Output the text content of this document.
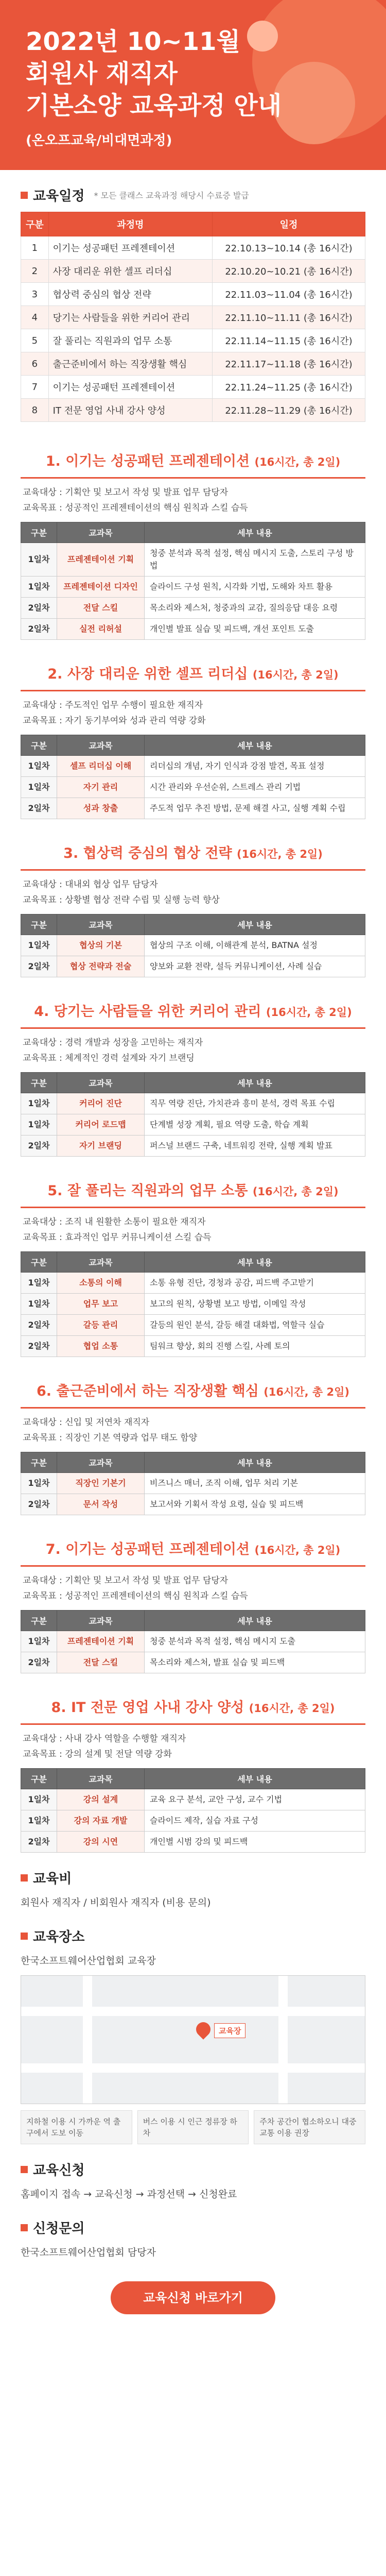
2022년 10~11월
회원사 재직자
기본소양 교육과정 안내
(온오프교육/비대면과정)
교육일정 * 모든 클래스 교육과정 해당시 수료증 발급
구분	과정명	일정
1	이기는 성공패턴 프레젠테이션	22.10.13~10.14 (총 16시간)
2	사장 대리운 위한 셀프 리더십	22.10.20~10.21 (총 16시간)
3	협상력 중심의 협상 전략	22.11.03~11.04 (총 16시간)
4	당기는 사람들을 위한 커리어 관리	22.11.10~11.11 (총 16시간)
5	잘 풀리는 직원과의 업무 소통	22.11.14~11.15 (총 16시간)
6	출근준비에서 하는 직장생활 핵심	22.11.17~11.18 (총 16시간)
7	이기는 성공패턴 프레젠테이션	22.11.24~11.25 (총 16시간)
8	IT 전문 영업 사내 강사 양성	22.11.28~11.29 (총 16시간)
1. 이기는 성공패턴 프레젠테이션 (16시간, 총 2일)
교육대상 : 기획안 및 보고서 작성 및 발표 업무 담당자
교육목표 : 성공적인 프레젠테이션의 핵심 원칙과 스킬 습득
구분	교과목	세부 내용
1일차	프레젠테이션 기획	청중 분석과 목적 설정, 핵심 메시지 도출, 스토리 구성 방법
1일차	프레젠테이션 디자인	슬라이드 구성 원칙, 시각화 기법, 도해와 차트 활용
2일차	전달 스킬	목소리와 제스처, 청중과의 교감, 질의응답 대응 요령
2일차	실전 리허설	개인별 발표 실습 및 피드백, 개선 포인트 도출
2. 사장 대리운 위한 셀프 리더십 (16시간, 총 2일)
교육대상 : 주도적인 업무 수행이 필요한 재직자
교육목표 : 자기 동기부여와 성과 관리 역량 강화
구분	교과목	세부 내용
1일차	셀프 리더십 이해	리더십의 개념, 자기 인식과 강점 발견, 목표 설정
1일차	자기 관리	시간 관리와 우선순위, 스트레스 관리 기법
2일차	성과 창출	주도적 업무 추진 방법, 문제 해결 사고, 실행 계획 수립
3. 협상력 중심의 협상 전략 (16시간, 총 2일)
교육대상 : 대내외 협상 업무 담당자
교육목표 : 상황별 협상 전략 수립 및 실행 능력 향상
구분	교과목	세부 내용
1일차	협상의 기본	협상의 구조 이해, 이해관계 분석, BATNA 설정
2일차	협상 전략과 전술	양보와 교환 전략, 설득 커뮤니케이션, 사례 실습
4. 당기는 사람들을 위한 커리어 관리 (16시간, 총 2일)
교육대상 : 경력 개발과 성장을 고민하는 재직자
교육목표 : 체계적인 경력 설계와 자기 브랜딩
구분	교과목	세부 내용
1일차	커리어 진단	직무 역량 진단, 가치관과 흥미 분석, 경력 목표 수립
1일차	커리어 로드맵	단계별 성장 계획, 필요 역량 도출, 학습 계획
2일차	자기 브랜딩	퍼스널 브랜드 구축, 네트워킹 전략, 실행 계획 발표
5. 잘 풀리는 직원과의 업무 소통 (16시간, 총 2일)
교육대상 : 조직 내 원활한 소통이 필요한 재직자
교육목표 : 효과적인 업무 커뮤니케이션 스킬 습득
구분	교과목	세부 내용
1일차	소통의 이해	소통 유형 진단, 경청과 공감, 피드백 주고받기
1일차	업무 보고	보고의 원칙, 상황별 보고 방법, 이메일 작성
2일차	갈등 관리	갈등의 원인 분석, 갈등 해결 대화법, 역할극 실습
2일차	협업 소통	팀워크 향상, 회의 진행 스킬, 사례 토의
6. 출근준비에서 하는 직장생활 핵심 (16시간, 총 2일)
교육대상 : 신입 및 저연차 재직자
교육목표 : 직장인 기본 역량과 업무 태도 함양
구분	교과목	세부 내용
1일차	직장인 기본기	비즈니스 매너, 조직 이해, 업무 처리 기본
2일차	문서 작성	보고서와 기획서 작성 요령, 실습 및 피드백
7. 이기는 성공패턴 프레젠테이션 (16시간, 총 2일)
교육대상 : 기획안 및 보고서 작성 및 발표 업무 담당자
교육목표 : 성공적인 프레젠테이션의 핵심 원칙과 스킬 습득
구분	교과목	세부 내용
1일차	프레젠테이션 기획	청중 분석과 목적 설정, 핵심 메시지 도출
2일차	전달 스킬	목소리와 제스처, 발표 실습 및 피드백
8. IT 전문 영업 사내 강사 양성 (16시간, 총 2일)
교육대상 : 사내 강사 역할을 수행할 재직자
교육목표 : 강의 설계 및 전달 역량 강화
구분	교과목	세부 내용
1일차	강의 설계	교육 요구 분석, 교안 구성, 교수 기법
1일차	강의 자료 개발	슬라이드 제작, 실습 자료 구성
2일차	강의 시연	개인별 시범 강의 및 피드백
교육비

회원사 재직자 / 비회원사 재직자 (비용 문의)

교육장소

한국소프트웨어산업협회 교육장

교육장
지하철 이용 시 가까운 역 출구에서 도보 이동
버스 이용 시 인근 정류장 하차
주차 공간이 협소하오니 대중교통 이용 권장
교육신청

홈페이지 접속 → 교육신청 → 과정선택 → 신청완료

신청문의

한국소프트웨어산업협회 담당자

교육신청 바로가기
